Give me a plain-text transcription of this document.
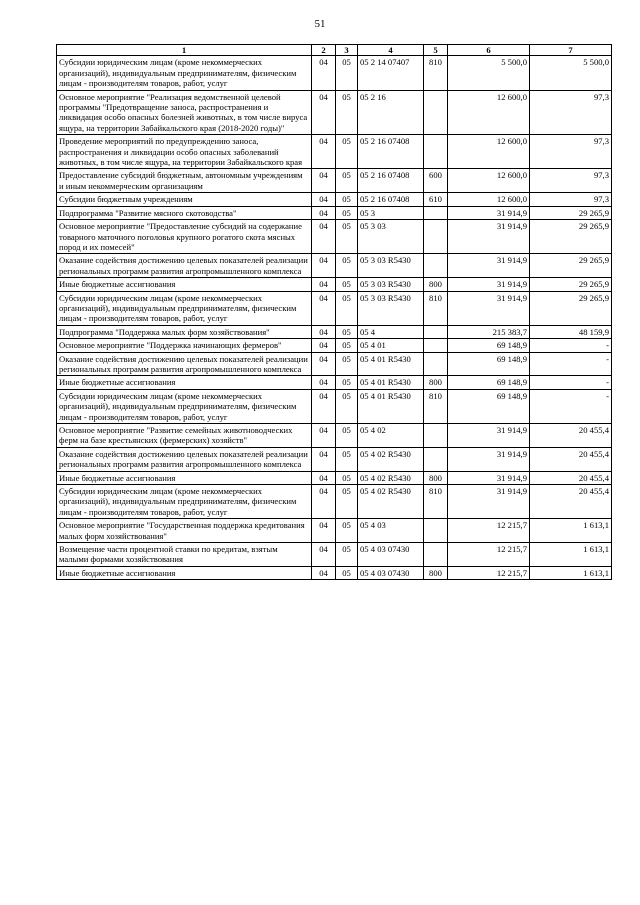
51
1	2	3	4	5	6	7
Субсидии юридическим лицам (кроме некоммерческих организаций), индивидуальным предпринимателям, физическим лицам - производителям товаров, работ, услуг	04	05	05 2 14 07407	810	5 500,0	5 500,0
Основное мероприятие "Реализация ведомственной целевой программы "Предотвращение заноса, распространения и ликвидация особо опасных болезней животных, в том числе вируса ящура, на территории Забайкальского края (2018-2020 годы)"	04	05	05 2 16		12 600,0	97,3
Проведение мероприятий по предупреждению заноса, распространения и ликвидации особо опасных заболеваний животных, в том числе ящура, на территории Забайкальского края	04	05	05 2 16 07408		12 600,0	97,3
Предоставление субсидий бюджетным, автономным учреждениям и иным некоммерческим организациям	04	05	05 2 16 07408	600	12 600,0	97,3
Субсидии бюджетным учреждениям	04	05	05 2 16 07408	610	12 600,0	97,3
Подпрограмма "Развитие мясного скотоводства"	04	05	05 3		31 914,9	29 265,9
Основное мероприятие "Предоставление субсидий на содержание товарного маточного поголовья крупного рогатого скота мясных пород и их помесей"	04	05	05 3 03		31 914,9	29 265,9
Оказание содействия достижению целевых показателей реализации региональных программ развития агропромышленного комплекса	04	05	05 3 03 R5430		31 914,9	29 265,9
Иные бюджетные ассигнования	04	05	05 3 03 R5430	800	31 914,9	29 265,9
Субсидии юридическим лицам (кроме некоммерческих организаций), индивидуальным предпринимателям, физическим лицам - производителям товаров, работ, услуг	04	05	05 3 03 R5430	810	31 914,9	29 265,9
Подпрограмма "Поддержка малых форм хозяйствования"	04	05	05 4		215 383,7	48 159,9
Основное мероприятие "Поддержка начинающих фермеров"	04	05	05 4 01		69 148,9	-
Оказание содействия достижению целевых показателей реализации региональных программ развития агропромышленного комплекса	04	05	05 4 01 R5430		69 148,9	-
Иные бюджетные ассигнования	04	05	05 4 01 R5430	800	69 148,9	-
Субсидии юридическим лицам (кроме некоммерческих организаций), индивидуальным предпринимателям, физическим лицам - производителям товаров, работ, услуг	04	05	05 4 01 R5430	810	69 148,9	-
Основное мероприятие "Развитие семейных животноводческих ферм на базе крестьянских (фермерских) хозяйств"	04	05	05 4 02		31 914,9	20 455,4
Оказание содействия достижению целевых показателей реализации региональных программ развития агропромышленного комплекса	04	05	05 4 02 R5430		31 914,9	20 455,4
Иные бюджетные ассигнования	04	05	05 4 02 R5430	800	31 914,9	20 455,4
Субсидии юридическим лицам (кроме некоммерческих организаций), индивидуальным предпринимателям, физическим лицам - производителям товаров, работ, услуг	04	05	05 4 02 R5430	810	31 914,9	20 455,4
Основное мероприятие "Государственная поддержка кредитования малых форм хозяйствования"	04	05	05 4 03		12 215,7	1 613,1
Возмещение части процентной ставки по кредитам, взятым малыми формами хозяйствования	04	05	05 4 03 07430		12 215,7	1 613,1
Иные бюджетные ассигнования	04	05	05 4 03 07430	800	12 215,7	1 613,1
